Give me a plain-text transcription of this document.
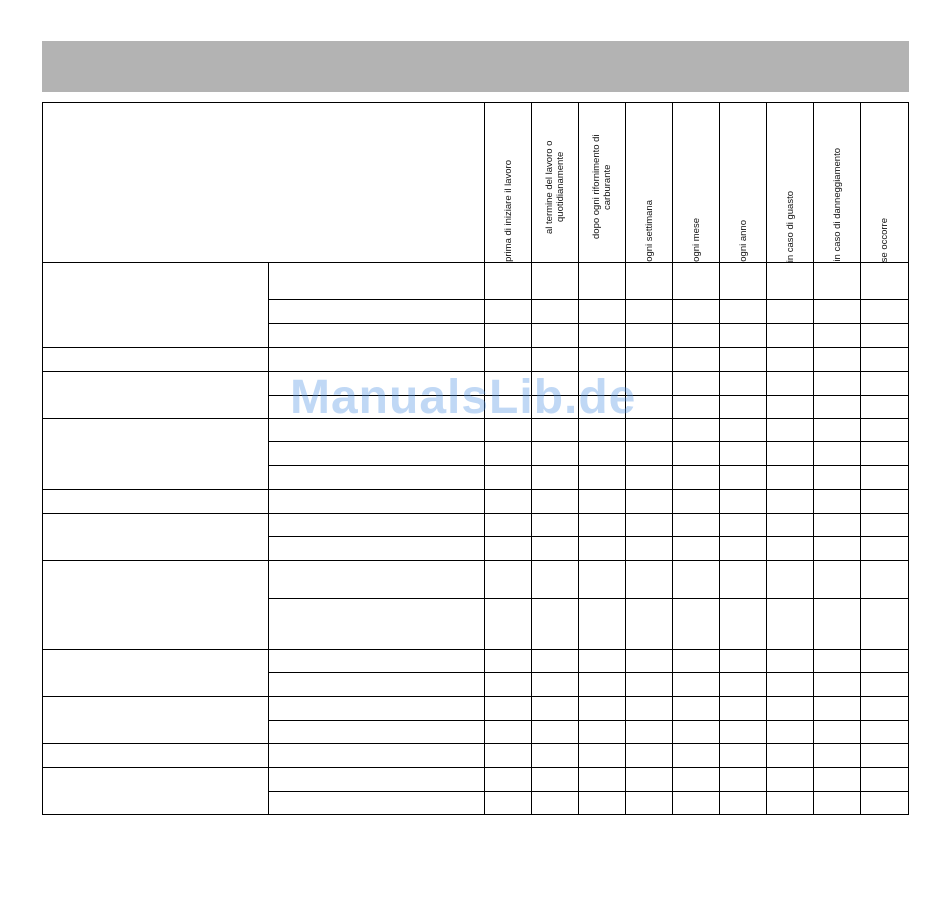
		prima di iniziare il lavoro	al termine del lavoro o quotidianamente	dopo ogni rifornimento di carburante	ogni settimana	ogni mese	ogni anno	in caso di guasto	in caso di danneggiamento	se occorre

ManualsLib.de
